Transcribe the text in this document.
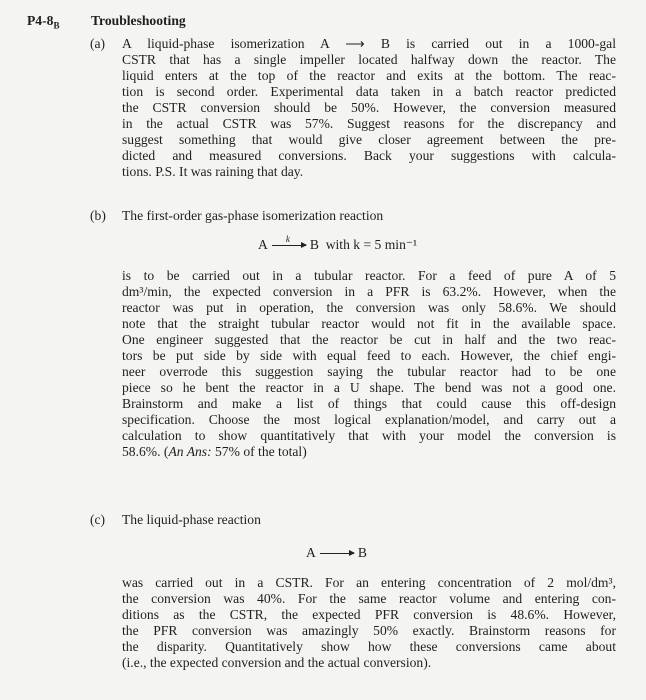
$P4-8_B$ Troubleshooting
(a) A liquid-phase isomerization A ⟶ B is carried out in a 1000-gal
CSTR that has a single impeller located halfway down the reactor. The
liquid enters at the top of the reactor and exits at the bottom. The reac-
tion is second order. Experimental data taken in a batch reactor predicted
the CSTR conversion should be 50%. However, the conversion measured
in the actual CSTR was 57%. Suggest reasons for the discrepancy and
suggest something that would give closer agreement between the pre-
dicted and measured conversions. Back your suggestions with calcula-
tions. P.S. It was raining that day.
(b) The first-order gas-phase isomerization reaction
A k B with k = 5 min⁻¹
is to be carried out in a tubular reactor. For a feed of pure A of 5
dm³/min, the expected conversion in a PFR is 63.2%. However, when the
reactor was put in operation, the conversion was only 58.6%. We should
note that the straight tubular reactor would not fit in the available space.
One engineer suggested that the reactor be cut in half and the two reac-
tors be put side by side with equal feed to each. However, the chief engi-
neer overrode this suggestion saying the tubular reactor had to be one
piece so he bent the reactor in a U shape. The bend was not a good one.
Brainstorm and make a list of things that could cause this off-design
specification. Choose the most logical explanation/model, and carry out a
calculation to show quantitatively that with your model the conversion is
58.6%. (An Ans: 57% of the total)
(c) The liquid-phase reaction
A → B
was carried out in a CSTR. For an entering concentration of 2 mol/dm³,
the conversion was 40%. For the same reactor volume and entering con-
ditions as the CSTR, the expected PFR conversion is 48.6%. However,
the PFR conversion was amazingly 50% exactly. Brainstorm reasons for
the disparity. Quantitatively show how these conversions came about
(i.e., the expected conversion and the actual conversion).
